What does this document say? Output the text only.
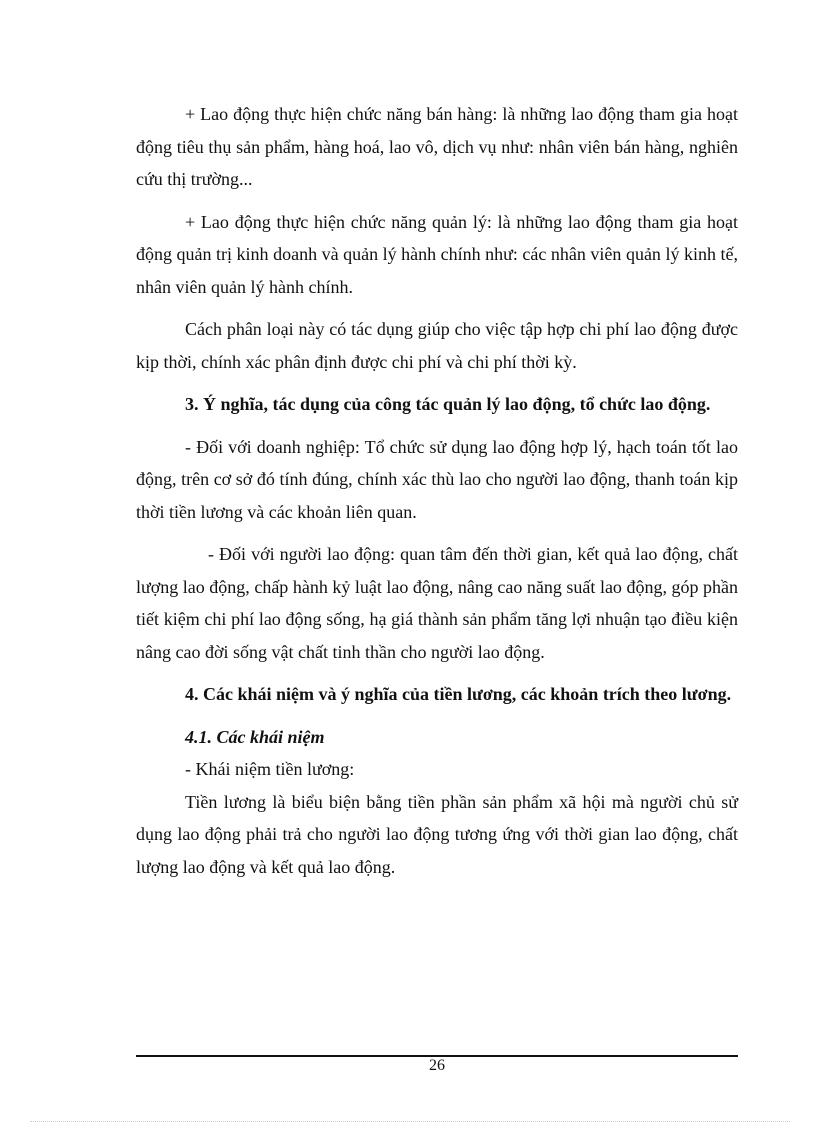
+ Lao động thực hiện chức năng bán hàng: là những lao động tham gia hoạt động tiêu thụ sản phẩm, hàng hoá, lao vô, dịch vụ như: nhân viên bán hàng, nghiên cứu thị trường...

+ Lao động thực hiện chức năng quản lý: là những lao động tham gia hoạt động quản trị kinh doanh và quản lý hành chính như: các nhân viên quản lý kinh tế, nhân viên quản lý hành chính.

Cách phân loại này có tác dụng giúp cho việc tập hợp chi phí lao động được kịp thời, chính xác phân định được chi phí và chi phí thời kỳ.

3. Ý nghĩa, tác dụng của công tác quản lý lao động, tổ chức lao động.

- Đối với doanh nghiệp: Tổ chức sử dụng lao động hợp lý, hạch toán tốt lao động, trên cơ sở đó tính đúng, chính xác thù lao cho người lao động, thanh toán kịp thời tiền lương và các khoản liên quan.

- Đối với người lao động: quan tâm đến thời gian, kết quả lao động, chất lượng lao động, chấp hành kỷ luật lao động, nâng cao năng suất lao động, góp phần tiết kiệm chi phí lao động sống, hạ giá thành sản phẩm tăng lợi nhuận tạo điều kiện nâng cao đời sống vật chất tinh thần cho người lao động.

4. Các khái niệm và ý nghĩa của tiền lương, các khoản trích theo lương.

4.1. Các khái niệm

- Khái niệm tiền lương:

Tiền lương là biểu biện bằng tiền phần sản phẩm xã hội mà người chủ sử dụng lao động phải trả cho người lao động tương ứng với thời gian lao động, chất lượng lao động và kết quả lao động.

26
